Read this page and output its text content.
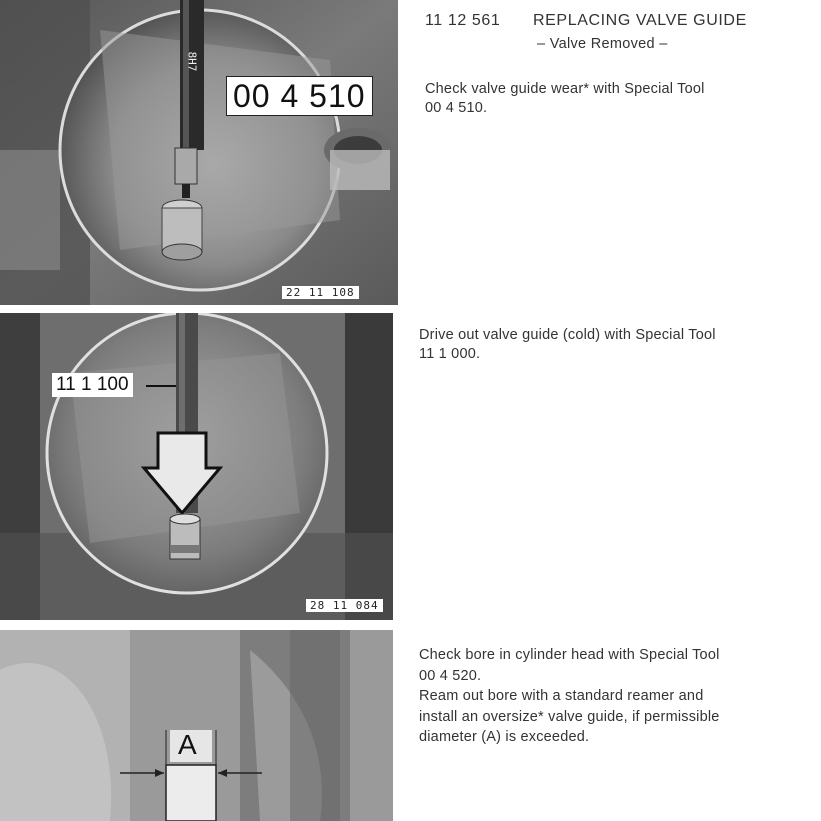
11 12 561 REPLACING VALVE GUIDE
– Valve Removed –
00 4 510
8H7
22 11 108
Check valve guide wear* with Special Tool
00 4 510.
11 1 100
28 11 084
Drive out valve guide (cold) with Special Tool
11 1 000.
A
Check bore in cylinder head with Special Tool
00 4 520.
Ream out bore with a standard reamer and
install an oversize* valve guide, if permissible
diameter (A) is exceeded.
